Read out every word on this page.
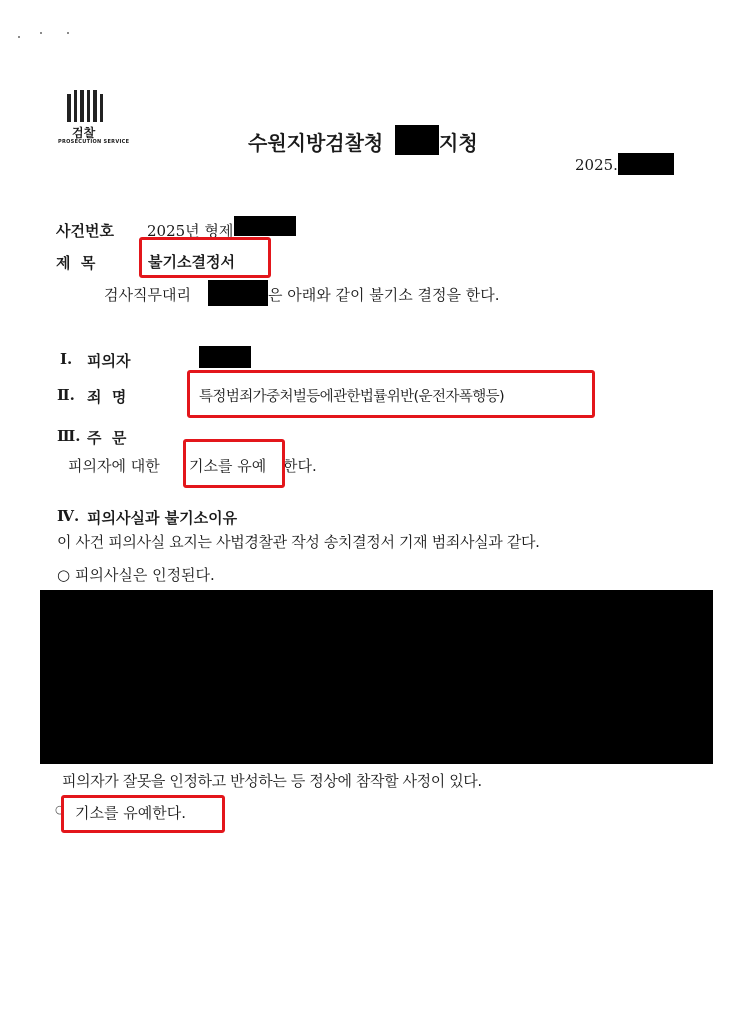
검찰
PROSECUTION SERVICE	수원지방검찰청	지청
2025.
사건번호 2025년 형제
제  목	불기소결정서
검사직무대리	은 아래와 같이 불기소 결정을 한다.
Ⅰ. 피의자
Ⅱ. 죄  명	특정범죄가중처벌등에관한법률위반(운전자폭행등)
Ⅲ. 주  문
피의자에 대한 기소를 유예 한다.
Ⅳ. 피의사실과 불기소이유
이 사건 피의사실 요지는 사법경찰관 작성 송치결정서 기재 범죄사실과 같다.
○ 피의사실은 인정된다.
피의자가 잘못을 인정하고 반성하는 등 정상에 참작할 사정이 있다.
○ 기소를 유예한다.
